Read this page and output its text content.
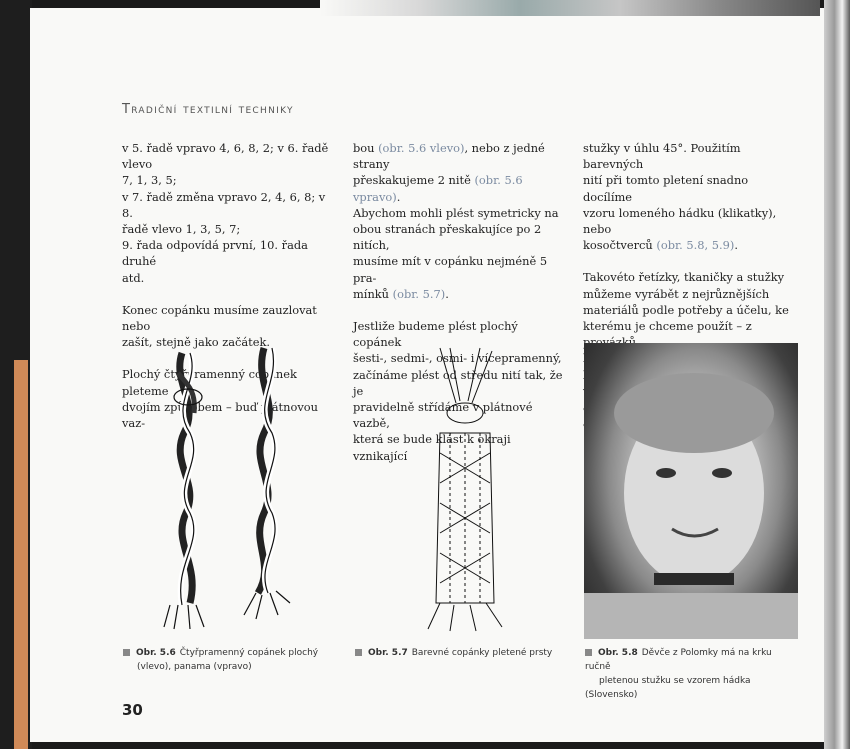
Tradiční textilní techniky

v 5. řadě vpravo 4, 6, 8, 2; v 6. řadě vlevo
7, 1, 3, 5;
v 7. řadě změna vpravo 2, 4, 6, 8; v 8.
řadě vlevo 1, 3, 5, 7;
9. řada odpovídá první, 10. řada druhé
atd.

Konec copánku musíme zauzlovat nebo
zašít, stejně jako začátek.

Plochý čtyřpramenný copánek pleteme
dvojím způsobem – buď plátnovou vaz-

bou (obr. 5.6 vlevo), nebo z jedné strany
přeskakujeme 2 nitě (obr. 5.6 vpravo).
Abychom mohli plést symetricky na
obou stranách přeskakujíce po 2 nitích,
musíme mít v copánku nejméně 5 pra-
mínků (obr. 5.7).

Jestliže budeme plést plochý copánek
šesti-, sedmi-, osmi- i vícepramenný,
začínáme plést od středu nití tak, že je
pravidelně střídáme v plátnové vazbě,
která se bude klást k okraji vznikající

stužky v úhlu 45°. Použitím barevných
nití při tomto pletení snadno docílíme
vzoru lomeného hádku (klikatky), nebo
kosočtverců (obr. 5.8, 5.9).

Takovéto řetízky, tkaničky a stužky
můžeme vyrábět z nejrůznějších
materiálů podle potřeby a účelu, ke
kterému je chceme použít – z

Obr. 5.6 Čtyřpramenný copánek plochý
(vlevo), panama (vpravo)
Obr. 5.7 Barevné copánky pletené prsty	Obr. 5.8 Děvče z Polomky má na krku ručně
pletenou stužku se vzorem hádka (Slovensko)
30
